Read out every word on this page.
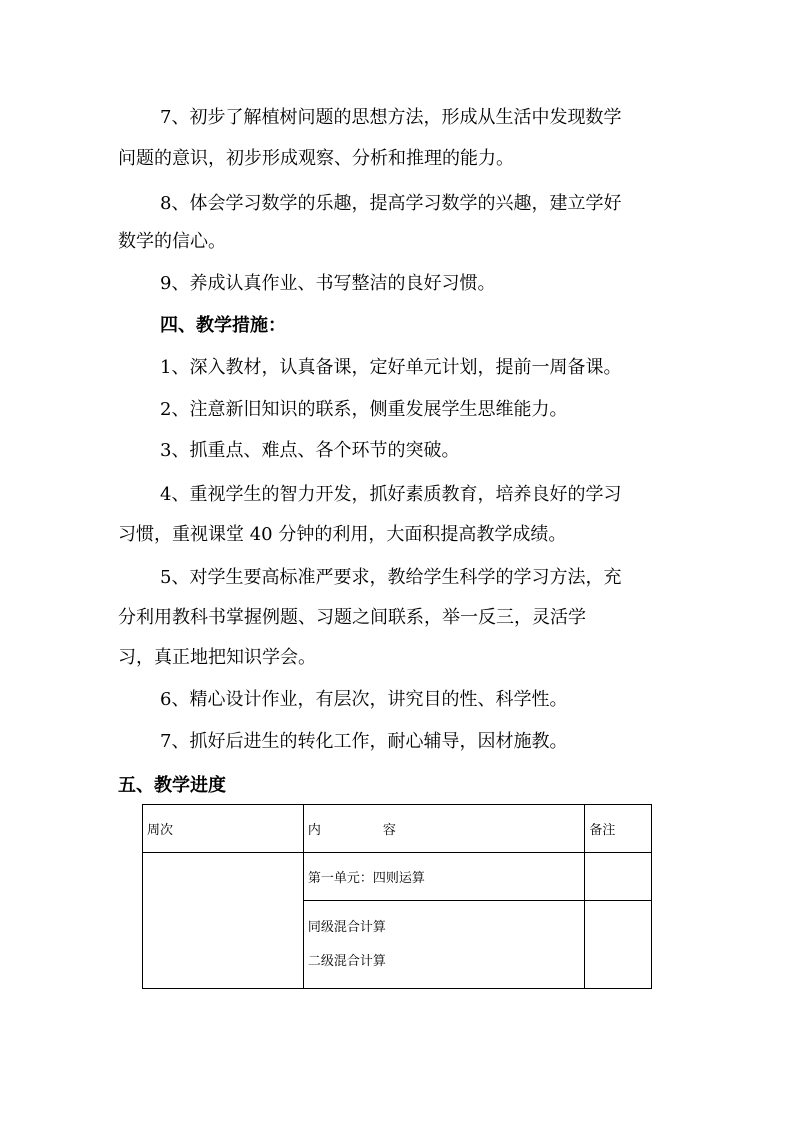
7、初步了解植树问题的思想方法，形成从生活中发现数学
问题的意识，初步形成观察、分析和推理的能力。
8、体会学习数学的乐趣，提高学习数学的兴趣，建立学好
数学的信心。
9、养成认真作业、书写整洁的良好习惯。
四、教学措施：
1、深入教材，认真备课，定好单元计划，提前一周备课。
2、注意新旧知识的联系，侧重发展学生思维能力。
3、抓重点、难点、各个环节的突破。
4、重视学生的智力开发，抓好素质教育，培养良好的学习
习惯，重视课堂 40 分钟的利用，大面积提高教学成绩。
5、对学生要高标准严要求，教给学生科学的学习方法，充
分利用教科书掌握例题、习题之间联系，举一反三，灵活学
习，真正地把知识学会。
6、精心设计作业，有层次，讲究目的性、科学性。
7、抓好后进生的转化工作，耐心辅导，因材施教。
五、教学进度
周次	内 容	备注
	第一单元：四则运算	

	同级混合计算
二级混合计算	
